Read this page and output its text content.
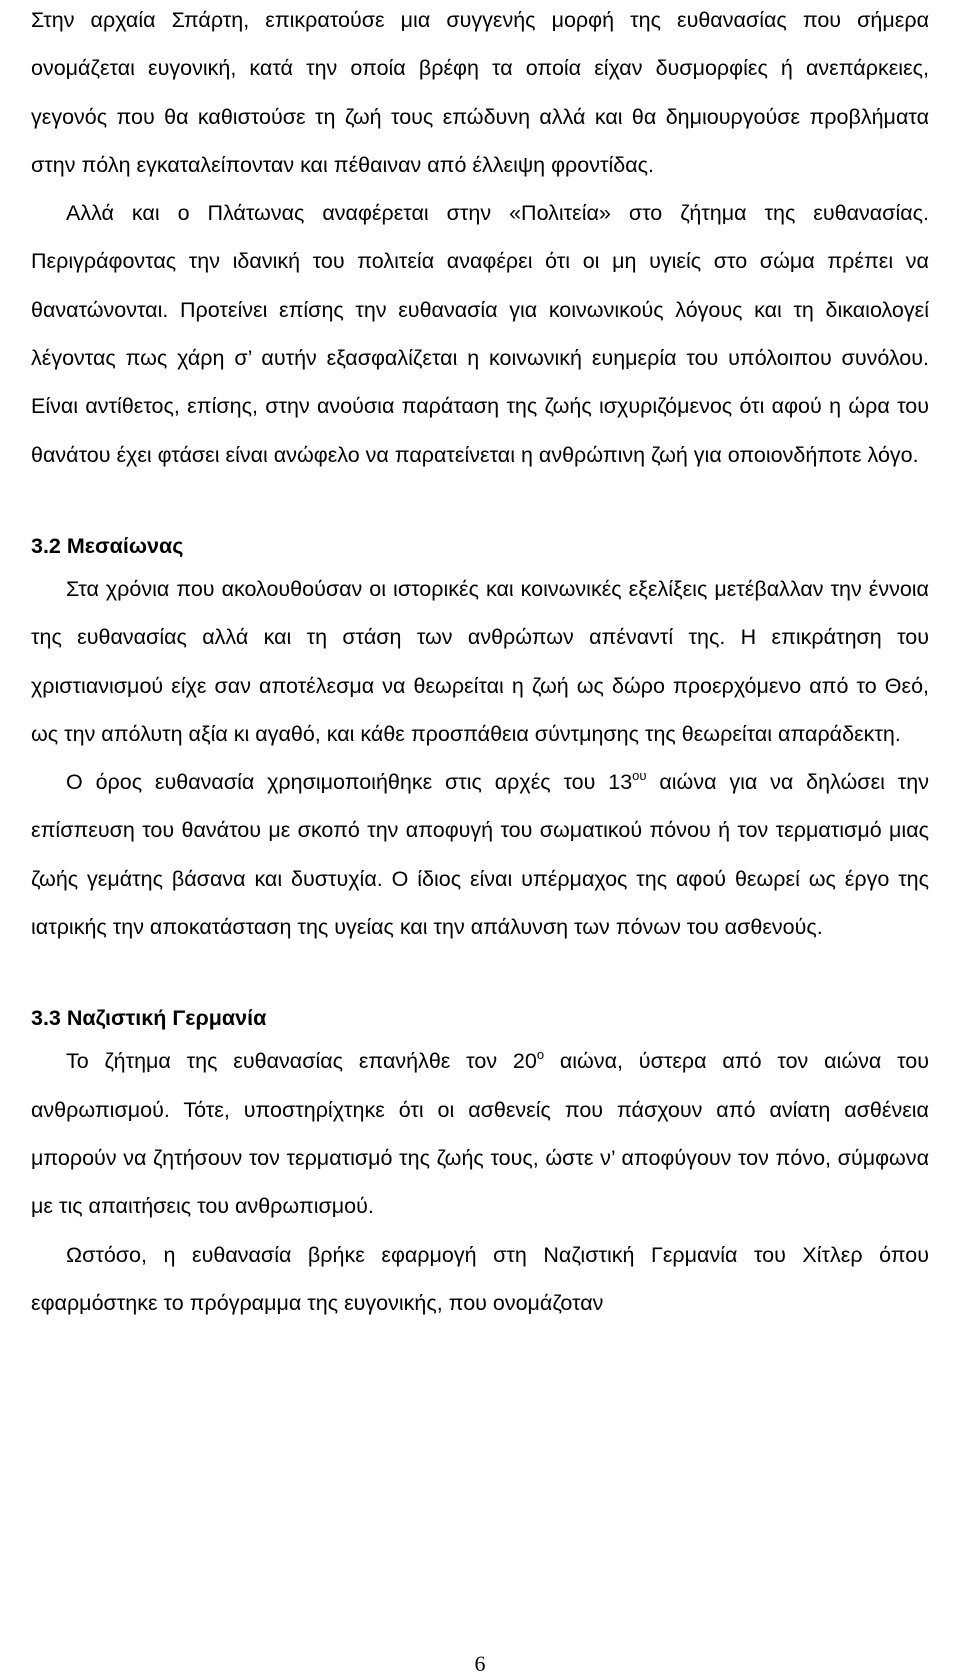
Στην αρχαία Σπάρτη, επικρατούσε μια συγγενής μορφή της ευθανασίας που σήμερα ονομάζεται ευγονική, κατά την οποία βρέφη τα οποία είχαν δυσμορφίες ή ανεπάρκειες, γεγονός που θα καθιστούσε τη ζωή τους επώδυνη αλλά και θα δημιουργούσε προβλήματα στην πόλη εγκαταλείπονταν και πέθαιναν από έλλειψη φροντίδας.

Αλλά και ο Πλάτωνας αναφέρεται στην «Πολιτεία» στο ζήτημα της ευθανασίας. Περιγράφοντας την ιδανική του πολιτεία αναφέρει ότι οι μη υγιείς στο σώμα πρέπει να θανατώνονται. Προτείνει επίσης την ευθανασία για κοινωνικούς λόγους και τη δικαιολογεί λέγοντας πως χάρη σ’ αυτήν εξασφαλίζεται η κοινωνική ευημερία του υπόλοιπου συνόλου. Είναι αντίθετος, επίσης, στην ανούσια παράταση της ζωής ισχυριζόμενος ότι αφού η ώρα του θανάτου έχει φτάσει είναι ανώφελο να παρατείνεται η ανθρώπινη ζωή για οποιονδήποτε λόγο.

3.2 Μεσαίωνας

Στα χρόνια που ακολουθούσαν οι ιστορικές και κοινωνικές εξελίξεις μετέβαλλαν την έννοια της ευθανασίας αλλά και τη στάση των ανθρώπων απέναντί της. Η επικράτηση του χριστιανισμού είχε σαν αποτέλεσμα να θεωρείται η ζωή ως δώρο προερχόμενο από το Θεό, ως την απόλυτη αξία κι αγαθό, και κάθε προσπάθεια σύντμησης της θεωρείται απαράδεκτη.

Ο όρος ευθανασία χρησιμοποιήθηκε στις αρχές του $13^{o\upsilon}$ αιώνα για να δηλώσει την επίσπευση του θανάτου με σκοπό την αποφυγή του σωματικού πόνου ή τον τερματισμό μιας ζωής γεμάτης βάσανα και δυστυχία. Ο ίδιος είναι υπέρμαχος της αφού θεωρεί ως έργο της ιατρικής την αποκατάσταση της υγείας και την απάλυνση των πόνων του ασθενούς.

3.3 Ναζιστική Γερμανία

Το ζήτημα της ευθανασίας επανήλθε τον $20^o$ αιώνα, ύστερα από τον αιώνα του ανθρωπισμού. Τότε, υποστηρίχτηκε ότι οι ασθενείς που πάσχουν από ανίατη ασθένεια μπορούν να ζητήσουν τον τερματισμό της ζωής τους, ώστε ν’ αποφύγουν τον πόνο, σύμφωνα με τις απαιτήσεις του ανθρωπισμού.

Ωστόσο, η ευθανασία βρήκε εφαρμογή στη Ναζιστική Γερμανία του Χίτλερ όπου εφαρμόστηκε το πρόγραμμα της ευγονικής, που ονομάζοταν

6
